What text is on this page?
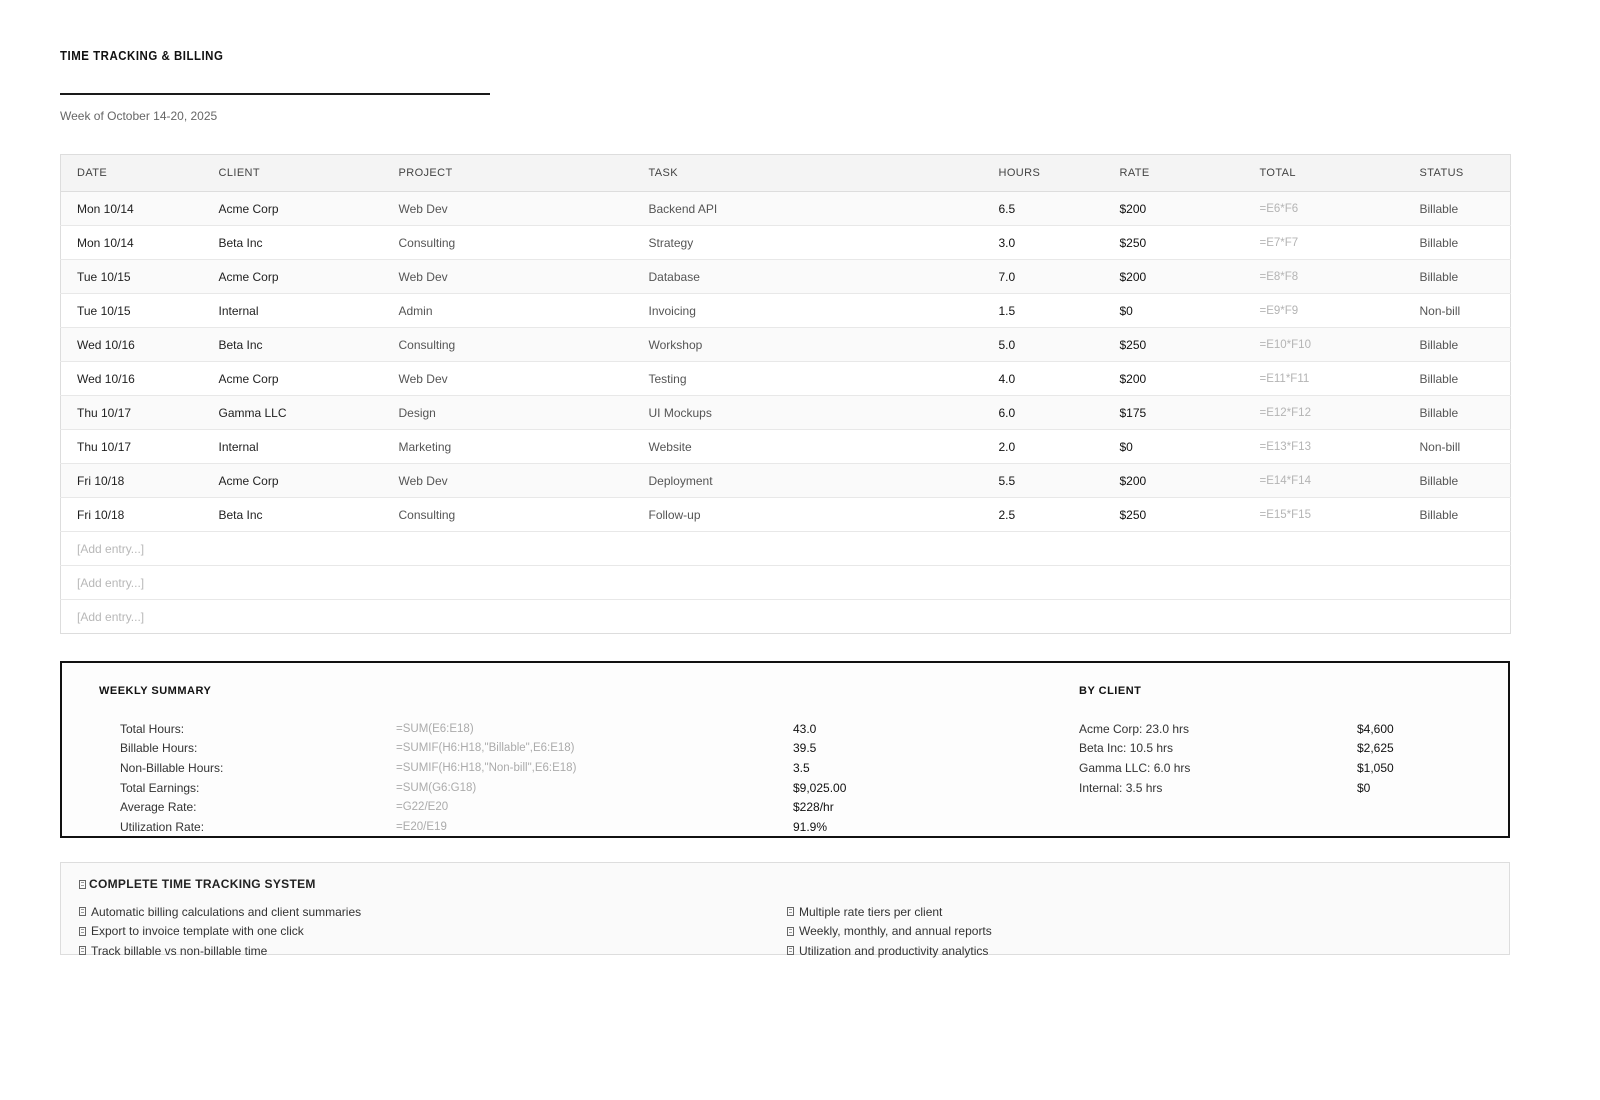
TIME TRACKING & BILLING
Week of October 14-20, 2025
DATE	CLIENT	PROJECT	TASK	HOURS	RATE	TOTAL	STATUS
Mon 10/14	Acme Corp	Web Dev	Backend API	6.5	$200	=E6*F6	Billable
Mon 10/14	Beta Inc	Consulting	Strategy	3.0	$250	=E7*F7	Billable
Tue 10/15	Acme Corp	Web Dev	Database	7.0	$200	=E8*F8	Billable
Tue 10/15	Internal	Admin	Invoicing	1.5	$0	=E9*F9	Non-bill
Wed 10/16	Beta Inc	Consulting	Workshop	5.0	$250	=E10*F10	Billable
Wed 10/16	Acme Corp	Web Dev	Testing	4.0	$200	=E11*F11	Billable
Thu 10/17	Gamma LLC	Design	UI Mockups	6.0	$175	=E12*F12	Billable
Thu 10/17	Internal	Marketing	Website	2.0	$0	=E13*F13	Non-bill
Fri 10/18	Acme Corp	Web Dev	Deployment	5.5	$200	=E14*F14	Billable
Fri 10/18	Beta Inc	Consulting	Follow-up	2.5	$250	=E15*F15	Billable
[Add entry...]							
[Add entry...]							
[Add entry...]							
WEEKLY SUMMARY
Total Hours:	=SUM(E6:E18)	43.0
Billable Hours:	=SUMIF(H6:H18,"Billable",E6:E18)	39.5
Non-Billable Hours:	=SUMIF(H6:H18,"Non-bill",E6:E18)	3.5
Total Earnings:	=SUM(G6:G18)	$9,025.00
Average Rate:	=G22/E20	$228/hr
Utilization Rate:	=E20/E19	91.9%
BY CLIENT
Acme Corp: 23.0 hrs	$4,600
Beta Inc: 10.5 hrs	$2,625
Gamma LLC: 6.0 hrs	$1,050
Internal: 3.5 hrs	$0
COMPLETE TIME TRACKING SYSTEM
Automatic billing calculations and client summaries
Export to invoice template with one click
Track billable vs non-billable time
Multiple rate tiers per client
Weekly, monthly, and annual reports
Utilization and productivity analytics
